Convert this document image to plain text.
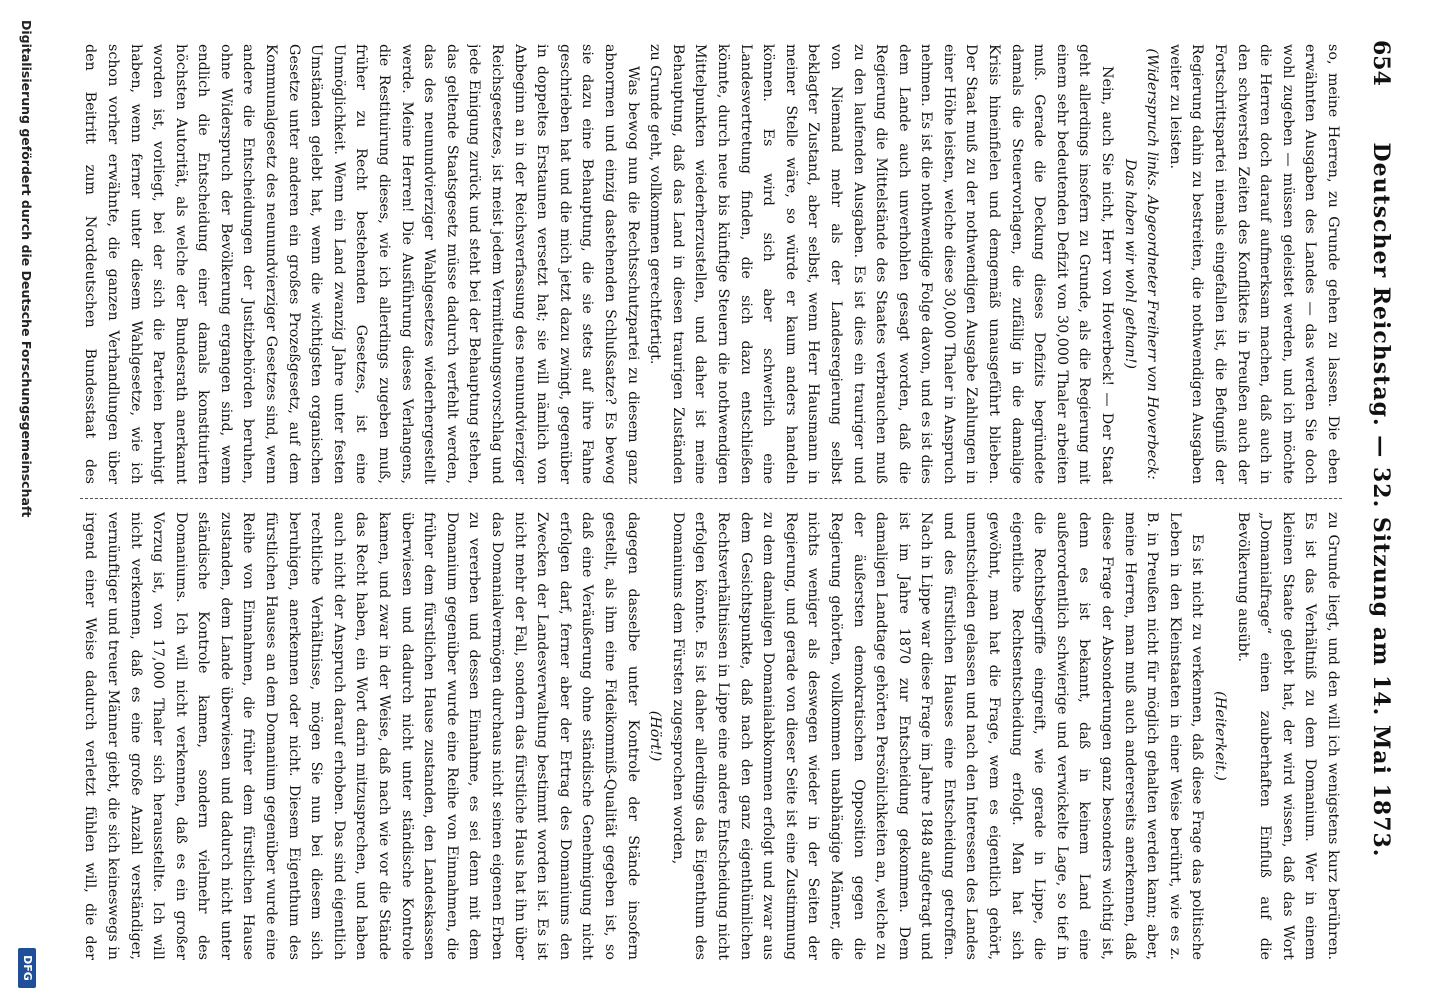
654
Deutscher Reichstag. — 32. Sitzung am 14. Mai 1873.

so, meine Herren, zu Grunde gehen zu lassen. Die eben erwähnten Ausgaben des Landes — das werden Sie doch wohl zugeben — müssen geleistet werden, und ich möchte die Herren doch darauf aufmerksam machen, daß auch in den schwersten Zeiten des Konfliktes in Preußen auch der Fortschrittspartei niemals eingefallen ist, die Befugniß der Regierung dahin zu bestreiten, die nothwendigen Ausgaben weiter zu leisten.

(Widerspruch links. Abgeordneter Freiherr von Hoverbeck: Das haben wir wohl gethan!)

Nein, auch Sie nicht, Herr von Hoverbeck! — Der Staat geht allerdings insofern zu Grunde, als die Regierung mit einem sehr bedeutenden Defizit von 30,000 Thaler arbeiten muß. Gerade die Deckung dieses Defizits begründete damals die Steuervorlagen, die zufällig in die damalige Krisis hineinfielen und demgemäß unausgeführt blieben. Der Staat muß zu der nothwendigen Ausgabe Zahlungen in einer Höhe leisten, welche diese 30,000 Thaler in Anspruch nehmen. Es ist die nothwendige Folge davon, und es ist dies dem Lande auch unverhohlen gesagt worden, daß die Regierung die Mittelstände des Staates verbrauchen muß zu den laufenden Ausgaben. Es ist dies ein trauriger und von Niemand mehr als der Landesregierung selbst beklagter Zustand, aber selbst, wenn Herr Hausmann in meiner Stelle wäre, so würde er kaum anders handeln können. Es wird sich aber schwerlich eine Landesvertretung finden, die sich dazu entschließen könnte, durch neue bis künftige Steuern die nothwendigen Mittelpunkten wiederherzustellen, und daher ist meine Behauptung, daß das Land in diesen traurigen Zuständen zu Grunde geht, vollkommen gerechtfertigt.

Was bewog nun die Rechtsschutzpartei zu diesem ganz abnormen und einzig dastehenden Schlußsatze? Es bewog sie dazu eine Behauptung, die sie stets auf ihre Fahne geschrieben hat und die mich jetzt dazu zwingt, gegenüber in doppeltes Erstaunen versetzt hat; sie will nämlich von Anbeginn an in der Reichsverfassung des neunundvierziger Reichsgesetzes, ist meist jedem Vermittelungsvorschlag und jede Einigung zurück und steht bei der Behauptung stehen, das geltende Staatsgesetz müsse dadurch verfehlt werden, das des neunundvierziger Wahlgesetzes wiederhergestellt werde. Meine Herren! Die Ausführung dieses Verlangens, die Restituirung dieses, wie ich allerdings zugeben muß, früher zu Recht bestehenden Gesetzes, ist eine Unmöglichkeit. Wenn ein Land zwanzig Jahre unter festen Umständen gelebt hat, wenn die wichtigsten organischen Gesetze unter anderen ein großes Prozeßgesetz, auf dem Kommunalgesetz des neunundvierziger Gesetzes sind, wenn andere die Entscheidungen der Justizbehörden beruhen, ohne Widerspruch der Bevölkerung ergangen sind, wenn endlich die Entscheidung einer damals konstituirten höchsten Autorität, als welche der Bundesrath anerkannt worden ist, vorliegt, bei der sich die Parteien beruhigt haben, wenn ferner unter diesem Wahlgesetze, wie ich schon vorher erwähnte, die ganzen Verhandlungen über den Beitritt zum Norddeutschen Bundesstaat des

zu Grunde liegt, und den will ich wenigstens kurz berühren. Es ist das Verhältniß zu dem Domanium. Wer in einem kleinen Staate gelebt hat, der wird wissen, daß das Wort „Domanialfrage“ einen zauberhaften Einfluß auf die Bevölkerung ausübt.

(Heiterkeit.)

Es ist nicht zu verkennen, daß diese Frage das politische Leben in den Kleinstaaten in einer Weise berührt, wie es z. B. in Preußen nicht für möglich gehalten werden kann; aber, meine Herren, man muß auch andererseits anerkennen, daß diese Frage der Absonderungen ganz besonders wichtig ist, denn es ist bekannt, daß in keinem Land eine außerordentlich schwierige und verwickelte Lage, so tief in die Rechtsbegriffe eingreift, wie gerade in Lippe, die eigentliche Rechtsentscheidung erfolgt. Man hat sich gewöhnt, man hat die Frage, wem es eigentlich gehört, unentschieden gelassen und nach den Interessen des Landes und des fürstlichen Hauses eine Entscheidung getroffen. Nach in Lippe war diese Frage im Jahre 1848 aufgetragt und ist im Jahre 1870 zur Entscheidung gekommen. Dem damaligen Landtage gehörten Persönlichkeiten an, welche zu der äußersten demokratischen Opposition gegen die Regierung gehörten, vollkommen unabhängige Männer, die nichts weniger als deswegen wieder in der Seiten der Regierung, und gerade von dieser Seite ist eine Zustimmung zu dem damaligen Domanialabkommen erfolgt und zwar aus dem Gesichtspunkte, daß nach den ganz eigenthümlichen Rechtsverhältnissen in Lippe eine andere Entscheidung nicht erfolgen könnte. Es ist daher allerdings das Eigenthum des Domaniums dem Fürsten zugesprochen worden,

(Hört!)

dagegen dasselbe unter Kontrole der Stände insofern gestellt, als ihm eine Fideikommiß-Qualität gegeben ist, so daß eine Veräußerung ohne ständische Genehmigung nicht erfolgen darf, ferner aber der Ertrag des Domaniums den Zwecken der Landesverwaltung bestimmt worden ist. Es ist nicht mehr der Fall, sondern das fürstliche Haus hat ihn über das Domanialvermögen durchaus nicht seinen eigenen Erben zu vererben und dessen Einnahme, es sei denn mit dem Domanium gegenüber wurde eine Reihe von Einnahmen, die früher dem fürstlichen Hause zustanden, den Landeskassen überwiesen und dadurch nicht unter ständische Kontrole kamen, und zwar in der Weise, daß nach wie vor die Stände das Recht haben, ein Wort darin mitzusprechen, und haben auch nicht der Anspruch darauf erhoben. Das sind eigentlich rechtliche Verhältnisse, mögen Sie nun bei diesem sich beruhigen, anerkennen oder nicht. Diesem Eigenthum des fürstlichen Hauses an dem Domanium gegenüber wurde eine Reihe von Einnahmen, die früher dem fürstlichen Hause zustanden, dem Lande überwiesen und dadurch nicht unter ständische Kontrole kamen, sondern vielmehr des Domaniums. Ich will nicht verkennen, daß es ein großer Vorzug ist, von 17,000 Thaler sich herausstellte. Ich will nicht verkennen, daß es eine große Anzahl verständiger, vernünftiger und treuer Männer giebt, die sich keineswegs in irgend einer Weise dadurch verletzt fühlen will, die der

Digitalisierung gefördert durch die Deutsche Forschungsgemeinschaft
DFG
